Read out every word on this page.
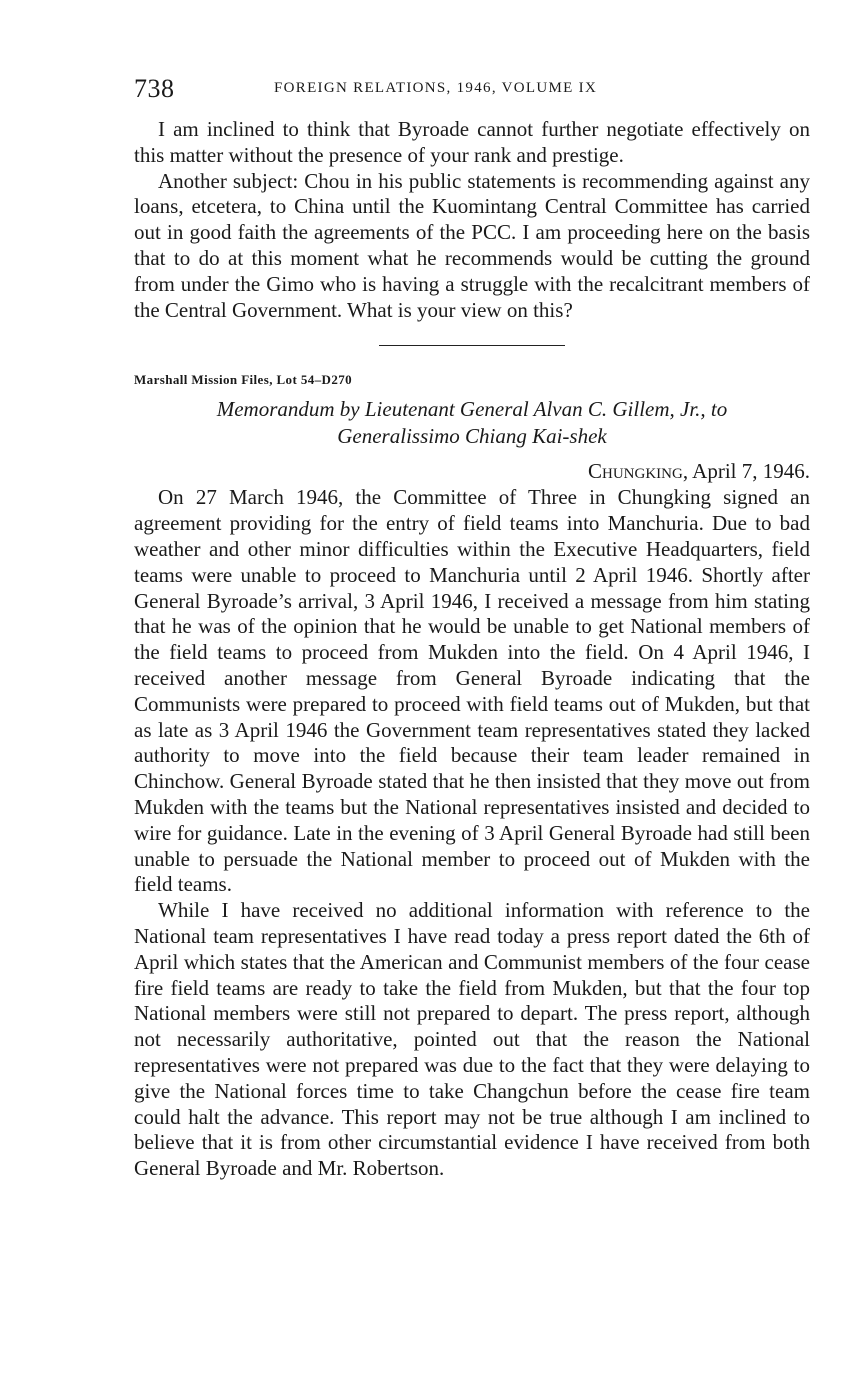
738	FOREIGN RELATIONS, 1946, VOLUME IX

I am inclined to think that Byroade cannot further negotiate effectively on this matter without the presence of your rank and prestige.

Another subject: Chou in his public statements is recommending against any loans, etcetera, to China until the Kuomintang Central Committee has carried out in good faith the agreements of the PCC. I am proceeding here on the basis that to do at this moment what he recommends would be cutting the ground from under the Gimo who is having a struggle with the recalcitrant members of the Central Government. What is your view on this?

Marshall Mission Files, Lot 54–D270
Memorandum by Lieutenant General Alvan C. Gillem, Jr., to Generalissimo Chiang Kai-shek
Chungking, April 7, 1946.

On 27 March 1946, the Committee of Three in Chungking signed an agreement providing for the entry of field teams into Manchuria. Due to bad weather and other minor difficulties within the Executive Headquarters, field teams were unable to proceed to Manchuria until 2 April 1946. Shortly after General Byroade’s arrival, 3 April 1946, I received a message from him stating that he was of the opinion that he would be unable to get National members of the field teams to proceed from Mukden into the field. On 4 April 1946, I received another message from General Byroade indicating that the Communists were prepared to proceed with field teams out of Mukden, but that as late as 3 April 1946 the Government team representatives stated they lacked authority to move into the field because their team leader remained in Chinchow. General Byroade stated that he then insisted that they move out from Mukden with the teams but the National representatives insisted and decided to wire for guidance. Late in the evening of 3 April General Byroade had still been unable to persuade the National member to proceed out of Mukden with the field teams.

While I have received no additional information with reference to the National team representatives I have read today a press report dated the 6th of April which states that the American and Communist members of the four cease fire field teams are ready to take the field from Mukden, but that the four top National members were still not prepared to depart. The press report, although not necessarily authoritative, pointed out that the reason the National representatives were not prepared was due to the fact that they were delaying to give the National forces time to take Changchun before the cease fire team could halt the advance. This report may not be true although I am inclined to believe that it is from other circumstantial evidence I have received from both General Byroade and Mr. Robertson.
